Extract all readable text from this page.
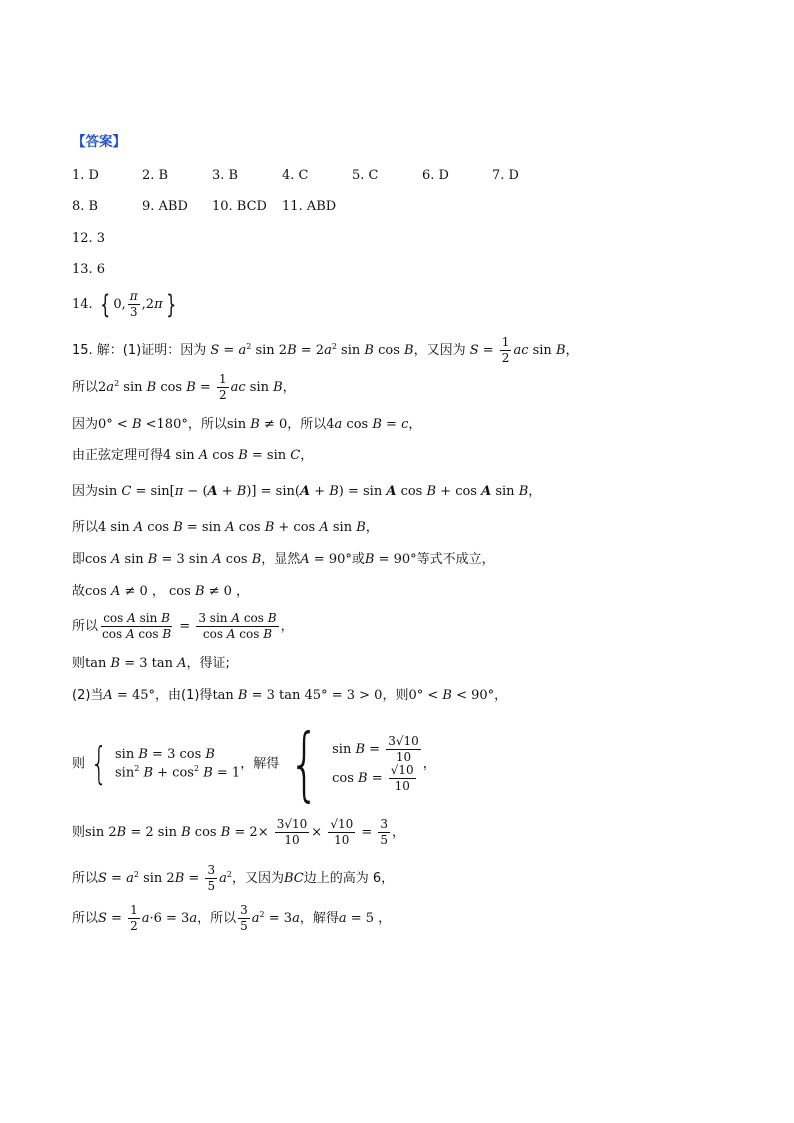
【答案】
1. D	2. B	3. B	4. C	5. C	6. D	7. D
8. B	9. ABD 10. BCD 11. ABD
12. 3
13. 6
14. { 0, $\frac{\pi}{3} ,2\pi$ }
15. 解：(1)证明：因为 $S = a^2$ $\sin 2B = 2a^2$ sin B cos B，又因为 $S = \frac{1}{2}$ ac sin B，
所以$2a^2$ sin B $\cos B = \frac{1}{2}$ ac sin B，
因为0° < B <180°，所以sin B ≠ 0，所以4a cos B = c，
由正弦定理可得4 sin A cos B = sin C，
因为sin C = sin[π − (A + B)] = sin(A + B) = sin A cos B + cos A sin B，
所以4 sin A cos B = sin A cos B + cos A sin B，
即cos A sin B = 3 sin A cos B，显然A = 90°或B = 90°等式不成立，
故cos A ≠ 0 ， cos B ≠ 0 ，
所以 $\frac{\text{cos A sin B}}{\text{cos A cos B}} = \frac{\text{3 sin A cos B}}{\text{cos A cos B}}$ ，
则tan B = 3 tan A，得证;
(2)当A = 45°，由(1)得tan B = 3 tan 45° = 3 > 0，则0° < B < 90°，
则 { sin B = 3 cos B
$\sin^2 B + \cos^2 B = 1$
，解得 { $\sin B = \frac{3√10}{10}$
$\cos B = \frac{√10}{10}$ ，
则sin 2B = 2 sin B $\cos B = 2\times \frac{3√10}{10} \times \frac{√10}{10} = \frac{3}{5}$ ，
所以$S = a^2$ $\sin 2B = \frac{3}{5} a^2$，又因为BC边上的高为 6，
所以$S = \frac{1}{2} a\cdot 6 = 3a$，所以 $\frac{3}{5} a^2 = 3a$，解得a = 5 ，
